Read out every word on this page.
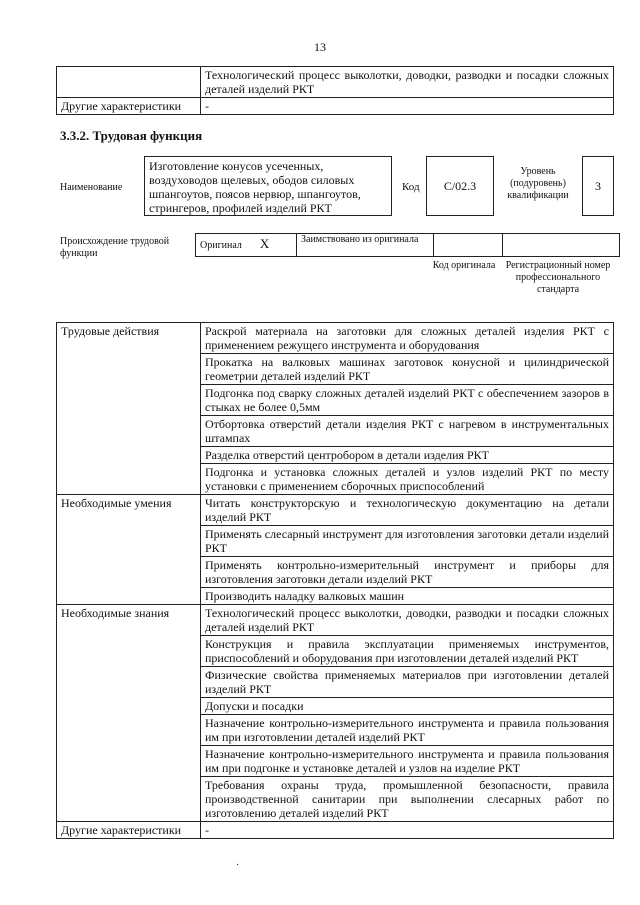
13
	Технологический процесс выколотки, доводки, разводки и посадки сложных деталей изделий РКТ
Другие характеристики	-
3.3.2. Трудовая функция
Наименование
Изготовление конусов усеченных, воздуховодов щелевых, ободов силовых шпангоутов, поясов нервюр, шпангоутов, стрингеров, профилей изделий РКТ
Код	C/02.3
Уровень (подуровень) квалификации
3
Происхождение трудовой функции
Оригинал X	Заимствовано из оригинала		
Код оригинала	Регистрационный номер профессионального стандарта
Трудовые действия	Раскрой материала на заготовки для сложных деталей изделия РКТ с применением режущего инструмента и оборудования
	Прокатка на валковых машинах заготовок конусной и цилиндрической геометрии деталей изделий РКТ
	Подгонка под сварку сложных деталей изделий РКТ с обеспечением зазоров в стыках не более 0,5мм
	Отбортовка отверстий детали изделия РКТ с нагревом в инструментальных штампах
	Разделка отверстий центробором в детали изделия РКТ
	Подгонка и установка сложных деталей и узлов изделий РКТ по месту установки с применением сборочных приспособлений
Необходимые умения	Читать конструкторскую и технологическую документацию на детали изделий РКТ
	Применять слесарный инструмент для изготовления заготовки детали изделий РКТ
	Применять контрольно-измерительный инструмент и приборы для изготовления заготовки детали изделий РКТ
	Производить наладку валковых машин
Необходимые знания	Технологический процесс выколотки, доводки, разводки и посадки сложных деталей изделий РКТ
	Конструкция и правила эксплуатации применяемых инструментов, приспособлений и оборудования при изготовлении деталей изделий РКТ
	Физические свойства применяемых материалов при изготовлении деталей изделий РКТ
	Допуски и посадки
	Назначение контрольно-измерительного инструмента и правила пользования им при изготовлении деталей изделий РКТ
	Назначение контрольно-измерительного инструмента и правила пользования им при подгонке и установке деталей и узлов на изделие РКТ
	Требования охраны труда, промышленной безопасности, правила производственной санитарии при выполнении слесарных работ по изготовлению деталей изделий РКТ
Другие характеристики	-
·
